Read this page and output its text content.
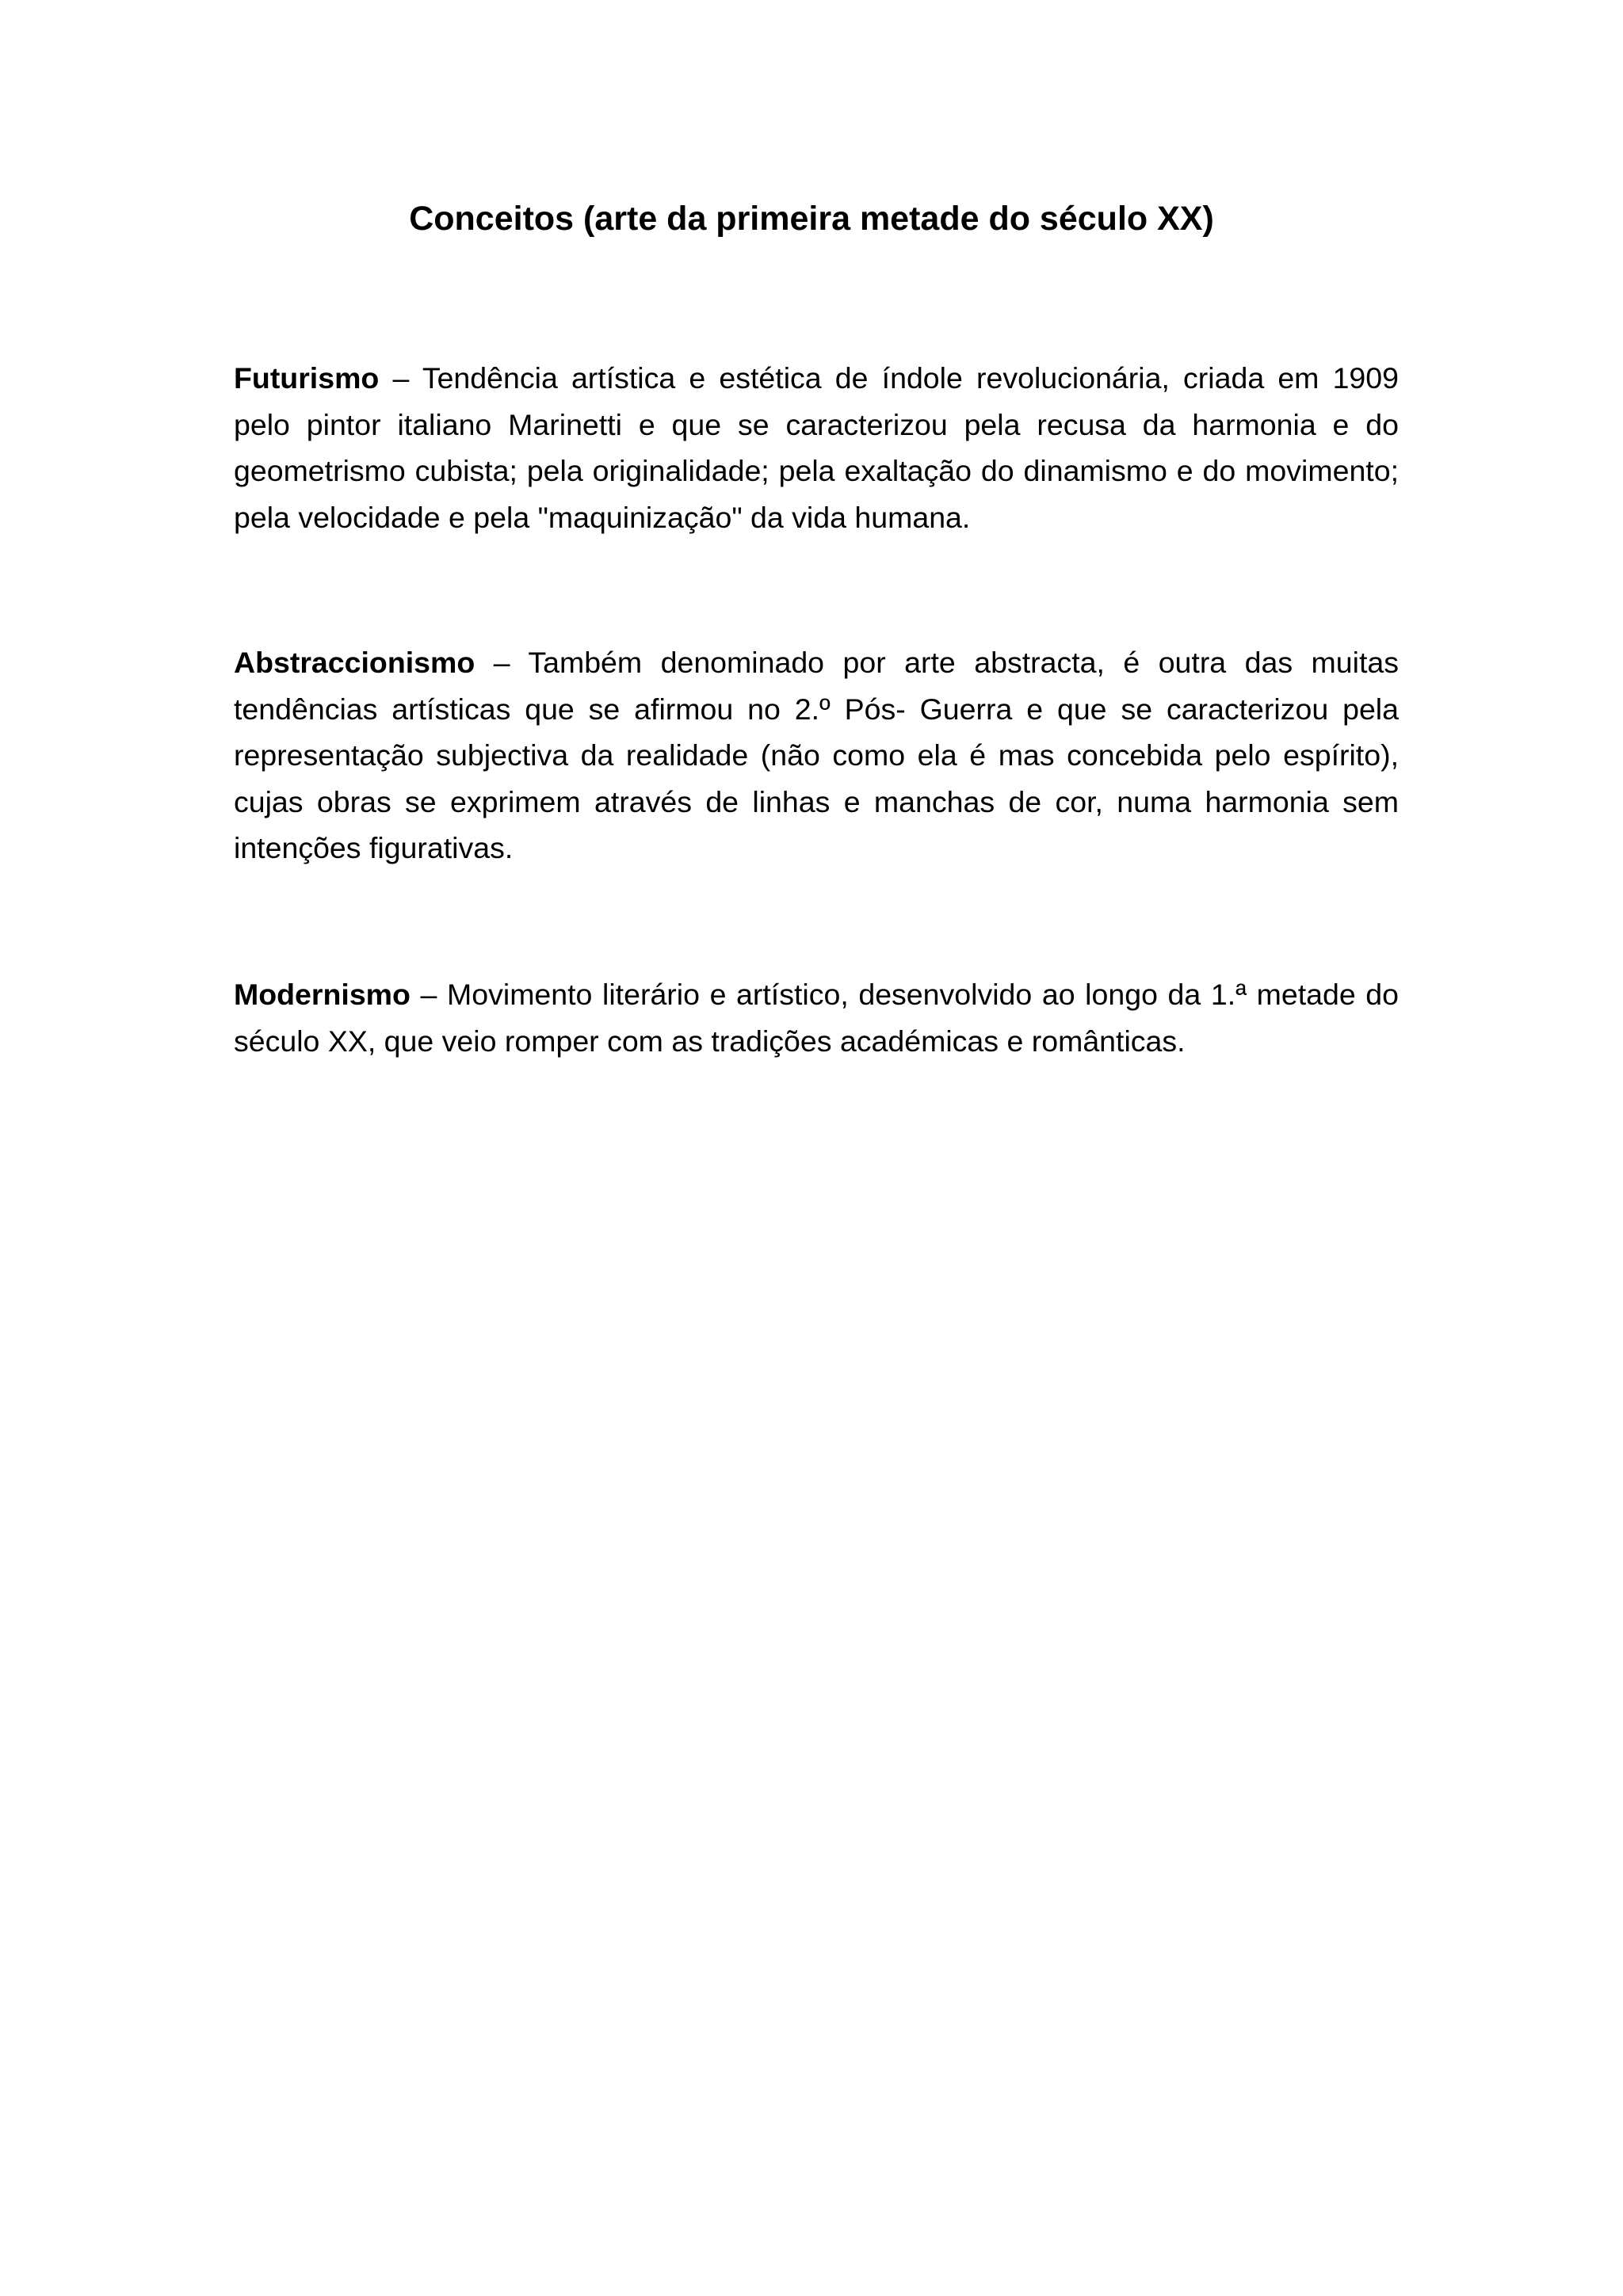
Conceitos (arte da primeira metade do século XX)

Futurismo – Tendência artística e estética de índole revolucionária, criada em 1909 pelo pintor italiano Marinetti e que se caracterizou pela recusa da harmonia e do geometrismo cubista; pela originalidade; pela exaltação do dinamismo e do movimento; pela velocidade e pela "maquinização" da vida humana.

Abstraccionismo – Também denominado por arte abstracta, é outra das muitas tendências artísticas que se afirmou no 2.º Pós- Guerra e que se caracterizou pela representação subjectiva da realidade (não como ela é mas concebida pelo espírito), cujas obras se exprimem através de linhas e manchas de cor, numa harmonia sem intenções figurativas.

Modernismo – Movimento literário e artístico, desenvolvido ao longo da 1.ª metade do século XX, que veio romper com as tradições académicas e românticas.
